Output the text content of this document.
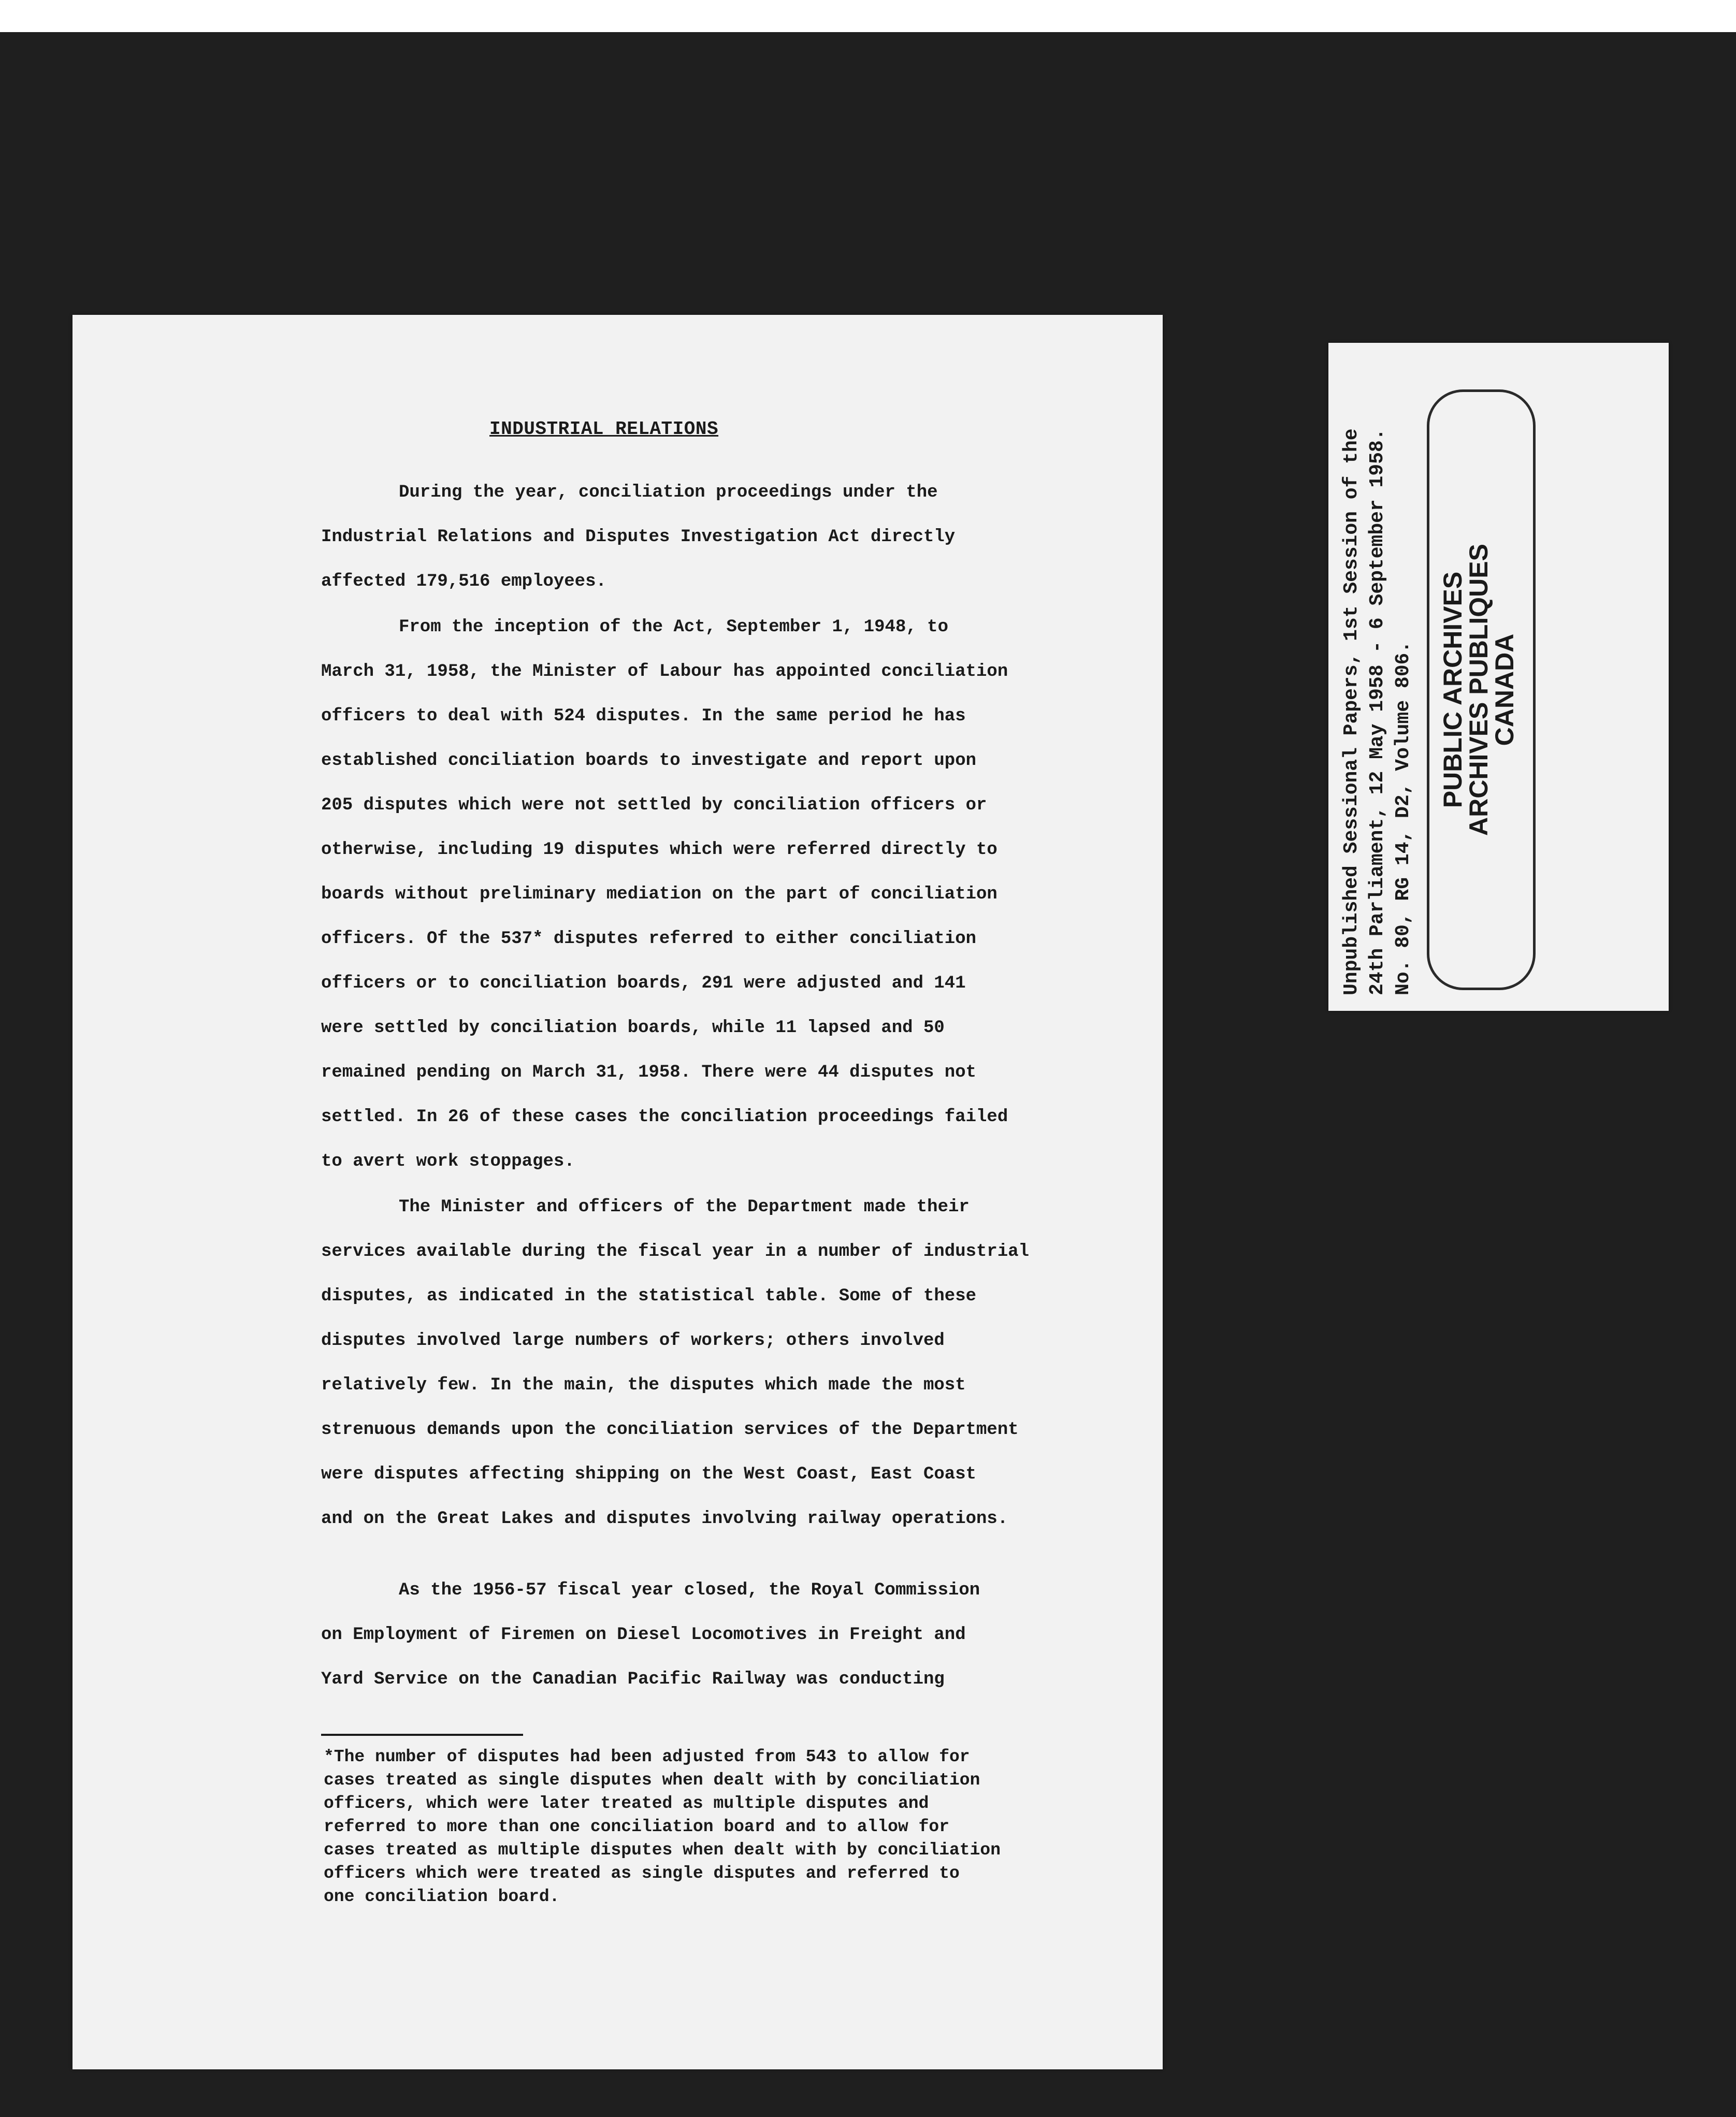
INDUSTRIAL RELATIONS
During the year, conciliation proceedings under the
Industrial Relations and Disputes Investigation Act directly
affected 179,516 employees.
From the inception of the Act, September 1, 1948, to
March 31, 1958, the Minister of Labour has appointed conciliation
officers to deal with 524 disputes. In the same period he has
established conciliation boards to investigate and report upon
205 disputes which were not settled by conciliation officers or
otherwise, including 19 disputes which were referred directly to
boards without preliminary mediation on the part of conciliation
officers. Of the 537* disputes referred to either conciliation
officers or to conciliation boards, 291 were adjusted and 141
were settled by conciliation boards, while 11 lapsed and 50
remained pending on March 31, 1958. There were 44 disputes not
settled. In 26 of these cases the conciliation proceedings failed
to avert work stoppages.
The Minister and officers of the Department made their
services available during the fiscal year in a number of industrial
disputes, as indicated in the statistical table. Some of these
disputes involved large numbers of workers; others involved
relatively few. In the main, the disputes which made the most
strenuous demands upon the conciliation services of the Department
were disputes affecting shipping on the West Coast, East Coast
and on the Great Lakes and disputes involving railway operations.
As the 1956-57 fiscal year closed, the Royal Commission
on Employment of Firemen on Diesel Locomotives in Freight and
Yard Service on the Canadian Pacific Railway was conducting
*The number of disputes had been adjusted from 543 to allow for
cases treated as single disputes when dealt with by conciliation
officers, which were later treated as multiple disputes and
referred to more than one conciliation board and to allow for
cases treated as multiple disputes when dealt with by conciliation
officers which were treated as single disputes and referred to
one conciliation board.
Unpublished Sessional Papers, 1st Session of the 24th Parliament, 12 May 1958 - 6 September 1958. No. 80, RG 14, D2, Volume 806. PUBLIC ARCHIVES
ARCHIVES PUBLIQUES
CANADA
